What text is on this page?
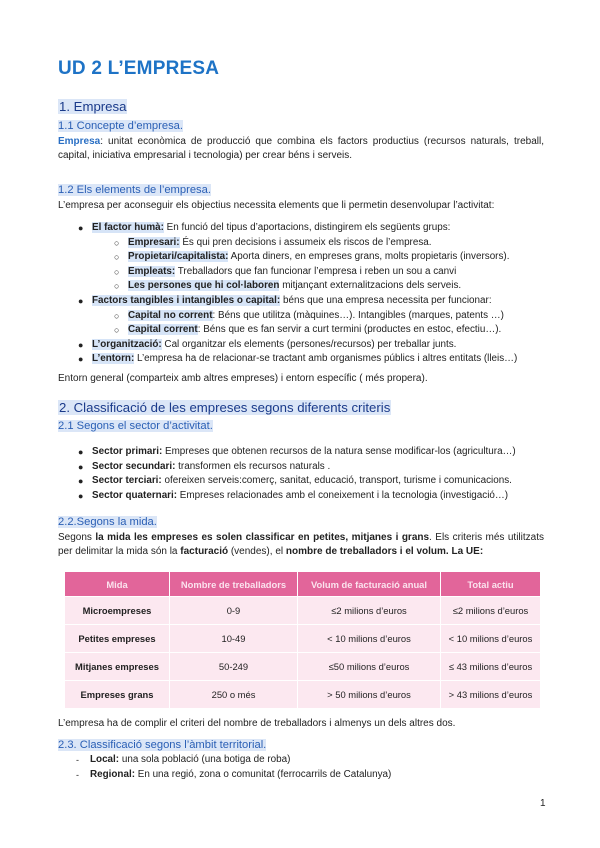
UD 2 L’EMPRESA
1. Empresa
1.1 Concepte d’empresa.
Empresa: unitat econòmica de producció que combina els factors productius (recursos naturals, treball, capital, iniciativa empresarial i tecnologia) per crear béns i serveis.
1.2 Els elements de l’empresa.
L’empresa per aconseguir els objectius necessita elements que li permetin desenvolupar l’activitat:
● El factor humà: En funció del tipus d’aportacions, distingirem els següents grups:
○ Empresari: És qui pren decisions i assumeix els riscos de l’empresa.
○ Propietari/capitalista: Aporta diners, en empreses grans, molts propietaris (inversors).
○ Empleats: Treballadors que fan funcionar l’empresa i reben un sou a canvi
○ Les persones que hi col·laboren mitjançant externalitzacions dels serveis.
● Factors tangibles i intangibles o capital: béns que una empresa necessita per funcionar:
○ Capital no corrent: Béns que utilitza (màquines…). Intangibles (marques, patents …)
○ Capital corrent: Béns que es fan servir a curt termini (productes en estoc, efectiu…).
● L’organització: Cal organitzar els elements (persones/recursos) per treballar junts.
● L’entorn: L’empresa ha de relacionar-se tractant amb organismes públics i altres entitats (lleis…)
Entorn general (comparteix amb altres empreses) i entorn específic ( més propera).
2. Classificació de les empreses segons diferents criteris
2.1 Segons el sector d’activitat.
● Sector primari: Empreses que obtenen recursos de la natura sense modificar-los (agricultura…)
● Sector secundari: transformen els recursos naturals .
● Sector terciari: ofereixen serveis:comerç, sanitat, educació, transport, turisme i comunicacions.
● Sector quaternari: Empreses relacionades amb el coneixement i la tecnologia (investigació…)
2.2.Segons la mida.
Segons la mida les empreses es solen classificar en petites, mitjanes i grans. Els criteris més utilitzats per delimitar la mida són la facturació (vendes), el nombre de treballadors i el volum. La UE:
Mida	Nombre de treballadors	Volum de facturació anual	Total actiu
Microempreses	0-9	≤2 milions d’euros	≤2 milions d’euros
Petites empreses	10-49	< 10 milions d’euros	< 10 milions d’euros
Mitjanes empreses	50-249	≤50 milions d’euros	≤ 43 milions d’euros
Empreses grans	250 o més	> 50 milions d’euros	> 43 milions d’euros
L’empresa ha de complir el criteri del nombre de treballadors i almenys un dels altres dos.
2.3. Classificació segons l’àmbit territorial.
- Local: una sola població (una botiga de roba)
- Regional: En una regió, zona o comunitat (ferrocarrils de Catalunya)
1
